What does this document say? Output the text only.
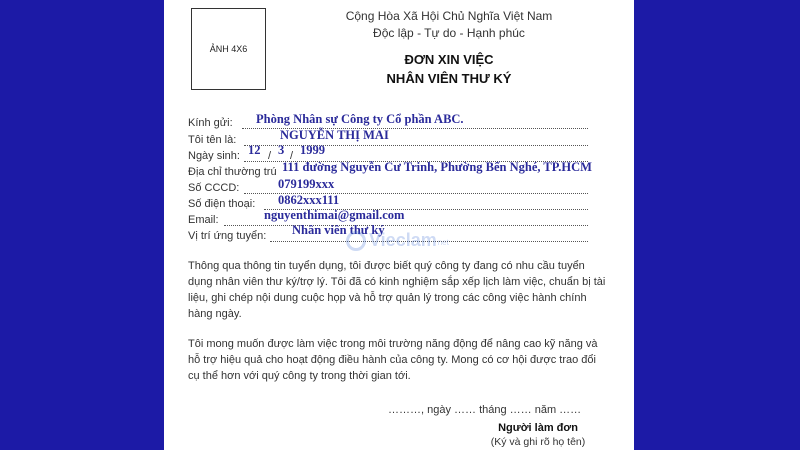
ẢNH 4X6
Cộng Hòa Xã Hội Chủ Nghĩa Việt Nam
Độc lập - Tự do - Hạnh phúc
ĐƠN XIN VIỆC
NHÂN VIÊN THƯ KÝ
Kính gửi: Phòng Nhân sự Công ty Cổ phần ABC.
Tôi tên là:	NGUYỄN THỊ MAI
Ngày sinh: 12 / 3 / 1999
Địa chỉ thường trú 111 đường Nguyễn Cư Trinh, Phường Bến Nghé, TP.HCM
Số CCCD:	079199xxx
Số điện thoại: 0862xxx111
Email:	nguyenthimai@gmail.com
Vị trí ứng tuyển: Nhân viên thư ký
Vieclam net
Thông qua thông tin tuyển dụng, tôi được biết quý công ty đang có nhu cầu tuyển dụng nhân viên thư ký/trợ lý. Tôi đã có kinh nghiệm sắp xếp lịch làm việc, chuẩn bị tài liệu, ghi chép nội dung cuộc họp và hỗ trợ quản lý trong các công việc hành chính hàng ngày.
Tôi mong muốn được làm việc trong môi trường năng động để nâng cao kỹ năng và hỗ trợ hiệu quả cho hoạt động điều hành của công ty. Mong có cơ hội được trao đổi cụ thể hơn với quý công ty trong thời gian tới.
………, ngày …… tháng …… năm ……
Người làm đơn
(Ký và ghi rõ họ tên)
